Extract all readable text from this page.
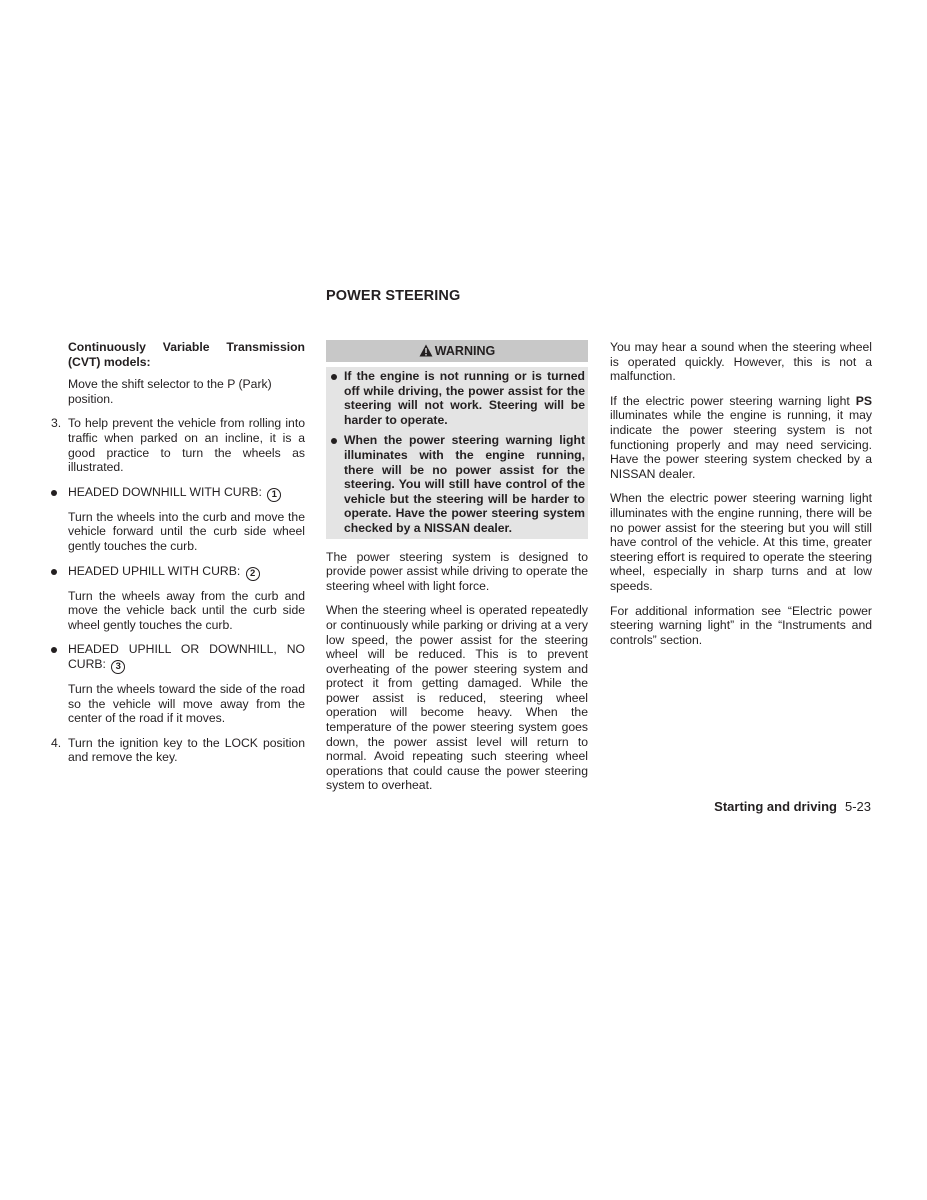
POWER STEERING

Continuously Variable Transmission (CVT) models:

Move the shift selector to the P (Park) position.

3. To help prevent the vehicle from rolling into traffic when parked on an incline, it is a good practice to turn the wheels as illustrated.
HEADED DOWNHILL WITH CURB: 1

Turn the wheels into the curb and move the vehicle forward until the curb side wheel gently touches the curb.

HEADED UPHILL WITH CURB: 2

Turn the wheels away from the curb and move the vehicle back until the curb side wheel gently touches the curb.

HEADED UPHILL OR DOWNHILL, NO CURB: 3

Turn the wheels toward the side of the road so the vehicle will move away from the center of the road if it moves.

4. Turn the ignition key to the LOCK position and remove the key.
WARNING
If the engine is not running or is turned off while driving, the power assist for the steering will not work. Steering will be harder to operate.
When the power steering warning light illuminates with the engine running, there will be no power assist for the steering. You will still have control of the vehicle but the steering will be harder to operate. Have the power steering system checked by a NISSAN dealer.

The power steering system is designed to provide power assist while driving to operate the steering wheel with light force.

When the steering wheel is operated repeatedly or continuously while parking or driving at a very low speed, the power assist for the steering wheel will be reduced. This is to prevent overheating of the power steering system and protect it from getting damaged. While the power assist is reduced, steering wheel operation will become heavy. When the temperature of the power steering system goes down, the power assist level will return to normal. Avoid repeating such steering wheel operations that could cause the power steering system to overheat.

You may hear a sound when the steering wheel is operated quickly. However, this is not a malfunction.

If the electric power steering warning light PS illuminates while the engine is running, it may indicate the power steering system is not functioning properly and may need servicing. Have the power steering system checked by a NISSAN dealer.

When the electric power steering warning light illuminates with the engine running, there will be no power assist for the steering but you will still have control of the vehicle. At this time, greater steering effort is required to operate the steering wheel, especially in sharp turns and at low speeds.

For additional information see “Electric power steering warning light” in the “Instruments and controls” section.

Starting and driving 5-23
